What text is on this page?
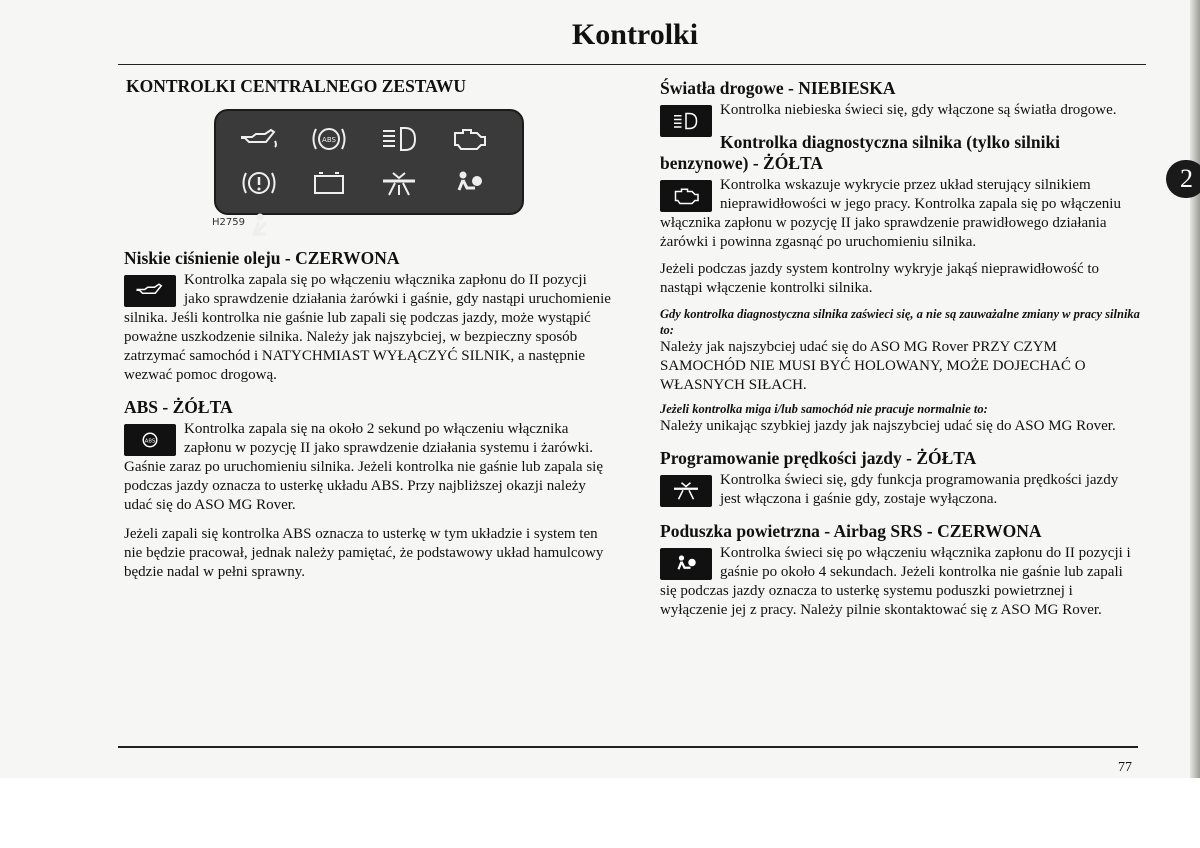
Kontrolki
2
KONTROLKI CENTRALNEGO ZESTAWU
ABS
H2759
Niskie ciśnienie oleju - CZERWONA

Kontrolka zapala się po włączeniu włącznika zapłonu do II pozycji jako sprawdzenie działania żarówki i gaśnie, gdy nastąpi uruchomienie silnika. Jeśli kontrolka nie gaśnie lub zapali się podczas jazdy, może wystąpić poważne uszkodzenie silnika. Należy jak najszybciej, w bezpieczny sposób zatrzymać samochód i NATYCHMIAST WYŁĄCZYĆ SILNIK, a następnie wezwać pomoc drogową.

ABS - ŻÓŁTA
ABS

Kontrolka zapala się na około 2 sekund po włączeniu włącznika zapłonu w pozycję II jako sprawdzenie działania systemu i żarówki. Gaśnie zaraz po uruchomieniu silnika. Jeżeli kontrolka nie gaśnie lub zapala się podczas jazdy oznacza to usterkę układu ABS. Przy najbliższej okazji należy udać się do ASO MG Rover.

Jeżeli zapali się kontrolka ABS oznacza to usterkę w tym układzie i system ten nie będzie pracował, jednak należy pamiętać, że podstawowy układ hamulcowy będzie nadal w pełni sprawny.

Światła drogowe - NIEBIESKA

Kontrolka niebieska świeci się, gdy włączone są światła drogowe.

Kontrolka diagnostyczna silnika (tylko silniki benzynowe) - ŻÓŁTA

Kontrolka wskazuje wykrycie przez układ sterujący silnikiem nieprawidłowości w jego pracy. Kontrolka zapala się po włączeniu włącznika zapłonu w pozycję II jako sprawdzenie prawidłowego działania żarówki i powinna zgasnąć po uruchomieniu silnika.

Jeżeli podczas jazdy system kontrolny wykryje jakąś nieprawidłowość to nastąpi włączenie kontrolki silnika.

Gdy kontrolka diagnostyczna silnika zaświeci się, a nie są zauważalne zmiany w pracy silnika to:

Należy jak najszybciej udać się do ASO MG Rover PRZY CZYM SAMOCHÓD NIE MUSI BYĆ HOLOWANY, MOŻE DOJECHAĆ O WŁASNYCH SIŁACH.

Jeżeli kontrolka miga i/lub samochód nie pracuje normalnie to:

Należy unikając szybkiej jazdy jak najszybciej udać się do ASO MG Rover.

Programowanie prędkości jazdy - ŻÓŁTA

Kontrolka świeci się, gdy funkcja programowania prędkości jazdy jest włączona i gaśnie gdy, zostaje wyłączona.

Poduszka powietrzna - Airbag SRS - CZERWONA

Kontrolka świeci się po włączeniu włącznika zapłonu do II pozycji i gaśnie po około 4 sekundach. Jeżeli kontrolka nie gaśnie lub zapali się podczas jazdy oznacza to usterkę systemu poduszki powietrznej i wyłączenie jej z pracy. Należy pilnie skontaktować się z ASO MG Rover.

77
